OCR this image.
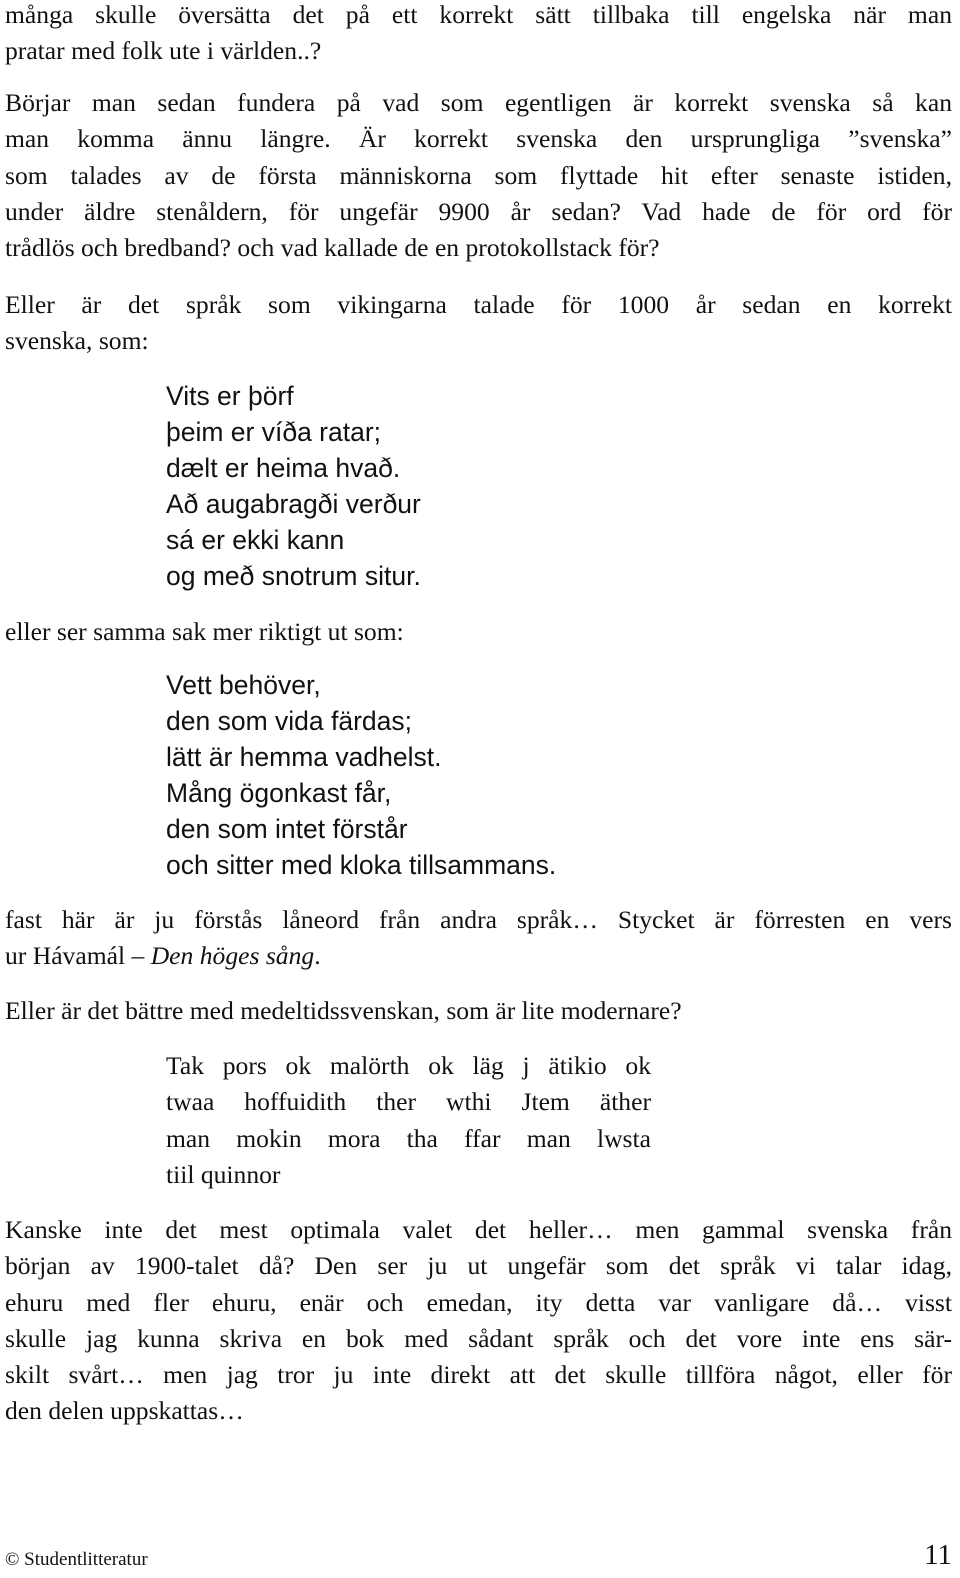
många skulle översätta det på ett korrekt sätt tillbaka till engelska när man
pratar med folk ute i världen..?
Börjar man sedan fundera på vad som egentligen är korrekt svenska så kan
man komma ännu längre. Är korrekt svenska den ursprungliga ”svenska”
som talades av de första människorna som flyttade hit efter senaste istiden,
under äldre stenåldern, för ungefär 9900 år sedan? Vad hade de för ord för
trådlös och bredband? och vad kallade de en protokollstack för?
Eller är det språk som vikingarna talade för 1000 år sedan en korrekt
svenska, som:
Vits er þörf
þeim er víða ratar;
dælt er heima hvað.
Að augabragði verður
sá er ekki kann
og með snotrum situr.
eller ser samma sak mer riktigt ut som:
Vett behöver,
den som vida färdas;
lätt är hemma vadhelst.
Mång ögonkast får,
den som intet förstår
och sitter med kloka tillsammans.
fast här är ju förstås låneord från andra språk… Stycket är förresten en vers
ur Hávamál – Den höges sång.
Eller är det bättre med medeltidssvenskan, som är lite modernare?
Tak pors ok malörth ok läg j ätikio ok
twaa hoffuidith ther wthi Jtem äther
man mokin mora tha ffar man lwsta
tiil quinnor
Kanske inte det mest optimala valet det heller… men gammal svenska från
början av 1900-talet då? Den ser ju ut ungefär som det språk vi talar idag,
ehuru med fler ehuru, enär och emedan, ity detta var vanligare då… visst
skulle jag kunna skriva en bok med sådant språk och det vore inte ens sär-
skilt svårt… men jag tror ju inte direkt att det skulle tillföra något, eller för
den delen uppskattas…
© Studentlitteratur	11
